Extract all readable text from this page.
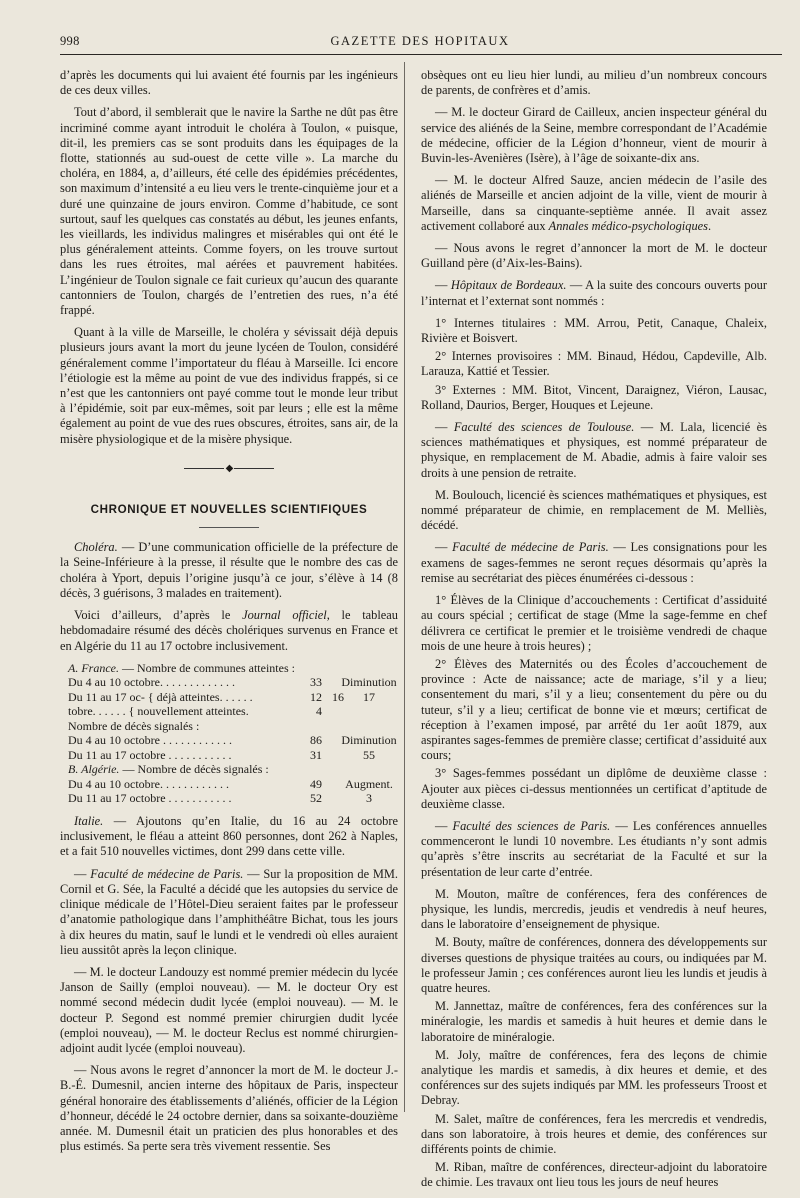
998	GAZETTE DES HOPITAUX

d’après les documents qui lui avaient été fournis par les ingénieurs de ces deux villes.

Tout d’abord, il semblerait que le navire la Sarthe ne dût pas être incriminé comme ayant introduit le choléra à Toulon, « puisque, dit-il, les premiers cas se sont produits dans les équipages de la flotte, stationnés au sud-ouest de cette ville ». La marche du choléra, en 1884, a, d’ailleurs, été celle des épidémies précédentes, son maximum d’intensité a eu lieu vers le trente-cinquième jour et a duré une quinzaine de jours environ. Comme d’habitude, ce sont surtout, sauf les quelques cas constatés au début, les jeunes enfants, les vieillards, les individus malingres et misérables qui ont été le plus généralement atteints. Comme foyers, on les trouve surtout dans les rues étroites, mal aérées et pauvrement habitées. L’ingénieur de Toulon signale ce fait curieux qu’aucun des quarante cantonniers de Toulon, chargés de l’entretien des rues, n’a été frappé.

Quant à la ville de Marseille, le choléra y sévissait déjà depuis plusieurs jours avant la mort du jeune lycéen de Toulon, considéré généralement comme l’importateur du fléau à Marseille. Ici encore l’étiologie est la même au point de vue des individus frappés, si ce n’est que les cantonniers ont payé comme tout le monde leur tribut à l’épidémie, soit par eux-mêmes, soit par leurs ; elle est la même également au point de vue des rues obscures, étroites, sans air, de la misère physiologique et de la misère physique.

◆
CHRONIQUE ET NOUVELLES SCIENTIFIQUES

Choléra. — D’une communication officielle de la préfecture de la Seine-Inférieure à la presse, il résulte que le nombre des cas de choléra à Yport, depuis l’origine jusqu’à ce jour, s’élève à 14 (8 décès, 3 guérisons, 3 malades en traitement).

Voici d’ailleurs, d’après le Journal officiel, le tableau hebdomadaire résumé des décès cholériques survenus en France et en Algérie du 11 au 17 octobre inclusivement.

A. France. — Nombre de communes atteintes :
Du 4 au 10 octobre. . . . . . . . . . . . .	33	Diminution
Du 11 au 17 oc- { déjà atteintes. . . . . .	12 16	17
tobre. . . . . . { nouvellement atteintes.	4
Nombre de décès signalés :
Du 4 au 10 octobre . . . . . . . . . . . .	86	Diminution
Du 11 au 17 octobre . . . . . . . . . . .	31	55
B. Algérie. — Nombre de décès signalés :
Du 4 au 10 octobre. . . . . . . . . . . .	49	Augment.
Du 11 au 17 octobre . . . . . . . . . . .	52	3

Italie. — Ajoutons qu’en Italie, du 16 au 24 octobre inclusivement, le fléau a atteint 860 personnes, dont 262 à Naples, et a fait 510 nouvelles victimes, dont 299 dans cette ville.

— Faculté de médecine de Paris. — Sur la proposition de MM. Cornil et G. Sée, la Faculté a décidé que les autopsies du service de clinique médicale de l’Hôtel-Dieu seraient faites par le professeur d’anatomie pathologique dans l’amphithéâtre Bichat, tous les jours à dix heures du matin, sauf le lundi et le vendredi où elles auraient lieu aussitôt après la leçon clinique.

— M. le docteur Landouzy est nommé premier médecin du lycée Janson de Sailly (emploi nouveau). — M. le docteur Ory est nommé second médecin dudit lycée (emploi nouveau). — M. le docteur P. Segond est nommé premier chirurgien dudit lycée (emploi nouveau), — M. le docteur Reclus est nommé chirurgien-adjoint audit lycée (emploi nouveau).

— Nous avons le regret d’annoncer la mort de M. le docteur J.-B.-É. Dumesnil, ancien interne des hôpitaux de Paris, inspecteur général honoraire des établissements d’aliénés, officier de la Légion d’honneur, décédé le 24 octobre dernier, dans sa soixante-douzième année. M. Dumesnil était un praticien des plus honorables et des plus estimés. Sa perte sera très vivement ressentie. Ses

obsèques ont eu lieu hier lundi, au milieu d’un nombreux concours de parents, de confrères et d’amis.

— M. le docteur Girard de Cailleux, ancien inspecteur général du service des aliénés de la Seine, membre correspondant de l’Académie de médecine, officier de la Légion d’honneur, vient de mourir à Buvin-les-Avenières (Isère), à l’âge de soixante-dix ans.

— M. le docteur Alfred Sauze, ancien médecin de l’asile des aliénés de Marseille et ancien adjoint de la ville, vient de mourir à Marseille, dans sa cinquante-septième année. Il avait assez activement collaboré aux Annales médico-psychologiques.

— Nous avons le regret d’annoncer la mort de M. le docteur Guilland père (d’Aix-les-Bains).

— Hôpitaux de Bordeaux. — A la suite des concours ouverts pour l’internat et l’externat sont nommés :

1° Internes titulaires : MM. Arrou, Petit, Canaque, Chaleix, Rivière et Boisvert.

2° Internes provisoires : MM. Binaud, Hédou, Capdeville, Alb. Larauza, Kattié et Tessier.

3° Externes : MM. Bitot, Vincent, Daraignez, Viéron, Lausac, Rolland, Daurios, Berger, Houques et Lejeune.

— Faculté des sciences de Toulouse. — M. Lala, licencié ès sciences mathématiques et physiques, est nommé préparateur de physique, en remplacement de M. Abadie, admis à faire valoir ses droits à une pension de retraite.

M. Boulouch, licencié ès sciences mathématiques et physiques, est nommé préparateur de chimie, en remplacement de M. Melliès, décédé.

— Faculté de médecine de Paris. — Les consignations pour les examens de sages-femmes ne seront reçues désormais qu’après la remise au secrétariat des pièces énumérées ci-dessous :

1° Élèves de la Clinique d’accouchements : Certificat d’assiduité au cours spécial ; certificat de stage (Mme la sage-femme en chef délivrera ce certificat le premier et le troisième vendredi de chaque mois de une heure à trois heures) ;

2° Élèves des Maternités ou des Écoles d’accouchement de province : Acte de naissance; acte de mariage, s’il y a lieu; consentement du mari, s’il y a lieu; consentement du père ou du tuteur, s’il y a lieu; certificat de bonne vie et mœurs; certificat de réception à l’examen imposé, par arrêté du 1er août 1879, aux aspirantes sages-femmes de première classe; certificat d’assiduité aux cours;

3° Sages-femmes possédant un diplôme de deuxième classe : Ajouter aux pièces ci-dessus mentionnées un certificat d’aptitude de deuxième classe.

— Faculté des sciences de Paris. — Les conférences annuelles commenceront le lundi 10 novembre. Les étudiants n’y sont admis qu’après s’être inscrits au secrétariat de la Faculté et sur la présentation de leur carte d’entrée.

M. Mouton, maître de conférences, fera des conférences de physique, les lundis, mercredis, jeudis et vendredis à neuf heures, dans le laboratoire d’enseignement de physique.

M. Bouty, maître de conférences, donnera des développements sur diverses questions de physique traitées au cours, ou indiquées par M. le professeur Jamin ; ces conférences auront lieu les lundis et jeudis à quatre heures.

M. Jannettaz, maître de conférences, fera des conférences sur la minéralogie, les mardis et samedis à huit heures et demie dans le laboratoire de minéralogie.

M. Joly, maître de conférences, fera des leçons de chimie analytique les mardis et samedis, à dix heures et demie, et des conférences sur des sujets indiqués par MM. les professeurs Troost et Debray.

M. Salet, maître de conférences, fera les mercredis et vendredis, dans son laboratoire, à trois heures et demie, des conférences sur différents points de chimie.

M. Riban, maître de conférences, directeur-adjoint du laboratoire de chimie. Les travaux ont lieu tous les jours de neuf heures
